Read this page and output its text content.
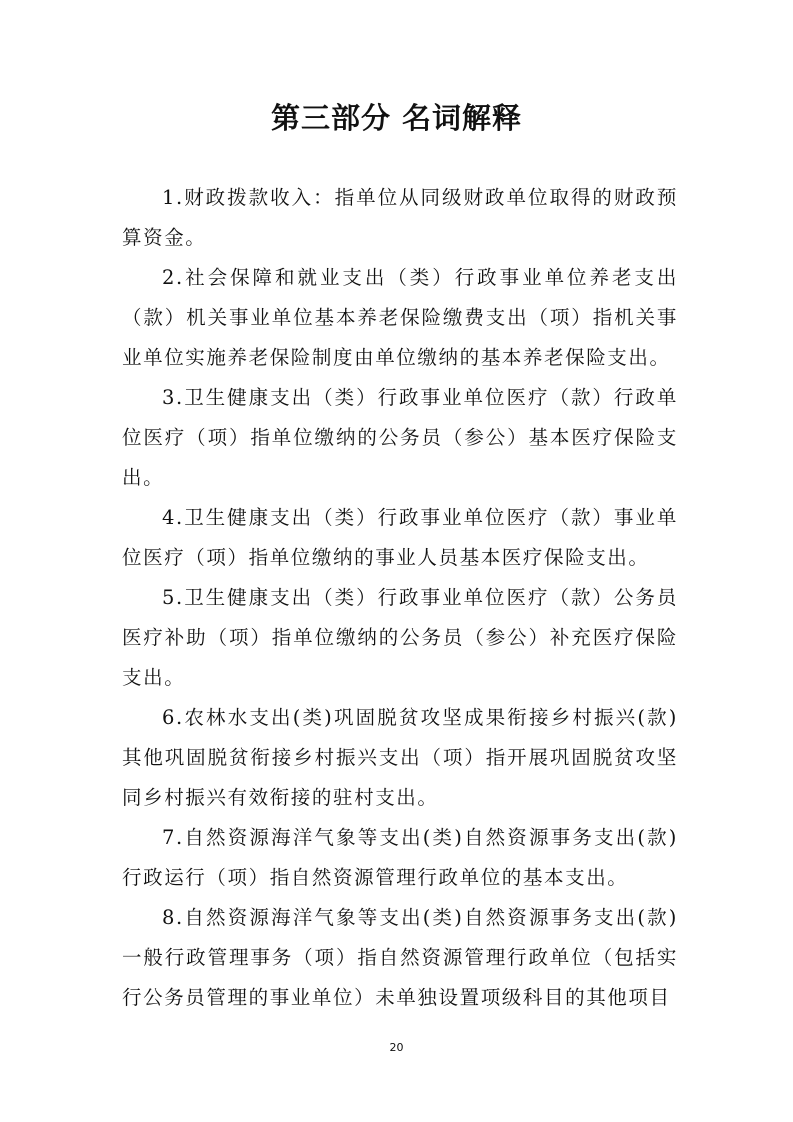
第三部分 名词解释

1.财政拨款收入：指单位从同级财政单位取得的财政预算资金。

2.社会保障和就业支出（类）行政事业单位养老支出（款）机关事业单位基本养老保险缴费支出（项）指机关事业单位实施养老保险制度由单位缴纳的基本养老保险支出。

3.卫生健康支出（类）行政事业单位医疗（款）行政单位医疗（项）指单位缴纳的公务员（参公）基本医疗保险支出。

4.卫生健康支出（类）行政事业单位医疗（款）事业单位医疗（项）指单位缴纳的事业人员基本医疗保险支出。

5.卫生健康支出（类）行政事业单位医疗（款）公务员医疗补助（项）指单位缴纳的公务员（参公）补充医疗保险支出。

6.农林水支出(类)巩固脱贫攻坚成果衔接乡村振兴(款)其他巩固脱贫衔接乡村振兴支出（项）指开展巩固脱贫攻坚同乡村振兴有效衔接的驻村支出。

7.自然资源海洋气象等支出(类)自然资源事务支出(款)行政运行（项）指自然资源管理行政单位的基本支出。

8.自然资源海洋气象等支出(类)自然资源事务支出(款)一般行政管理事务（项）指自然资源管理行政单位（包括实行公务员管理的事业单位）未单独设置项级科目的其他项目

20
